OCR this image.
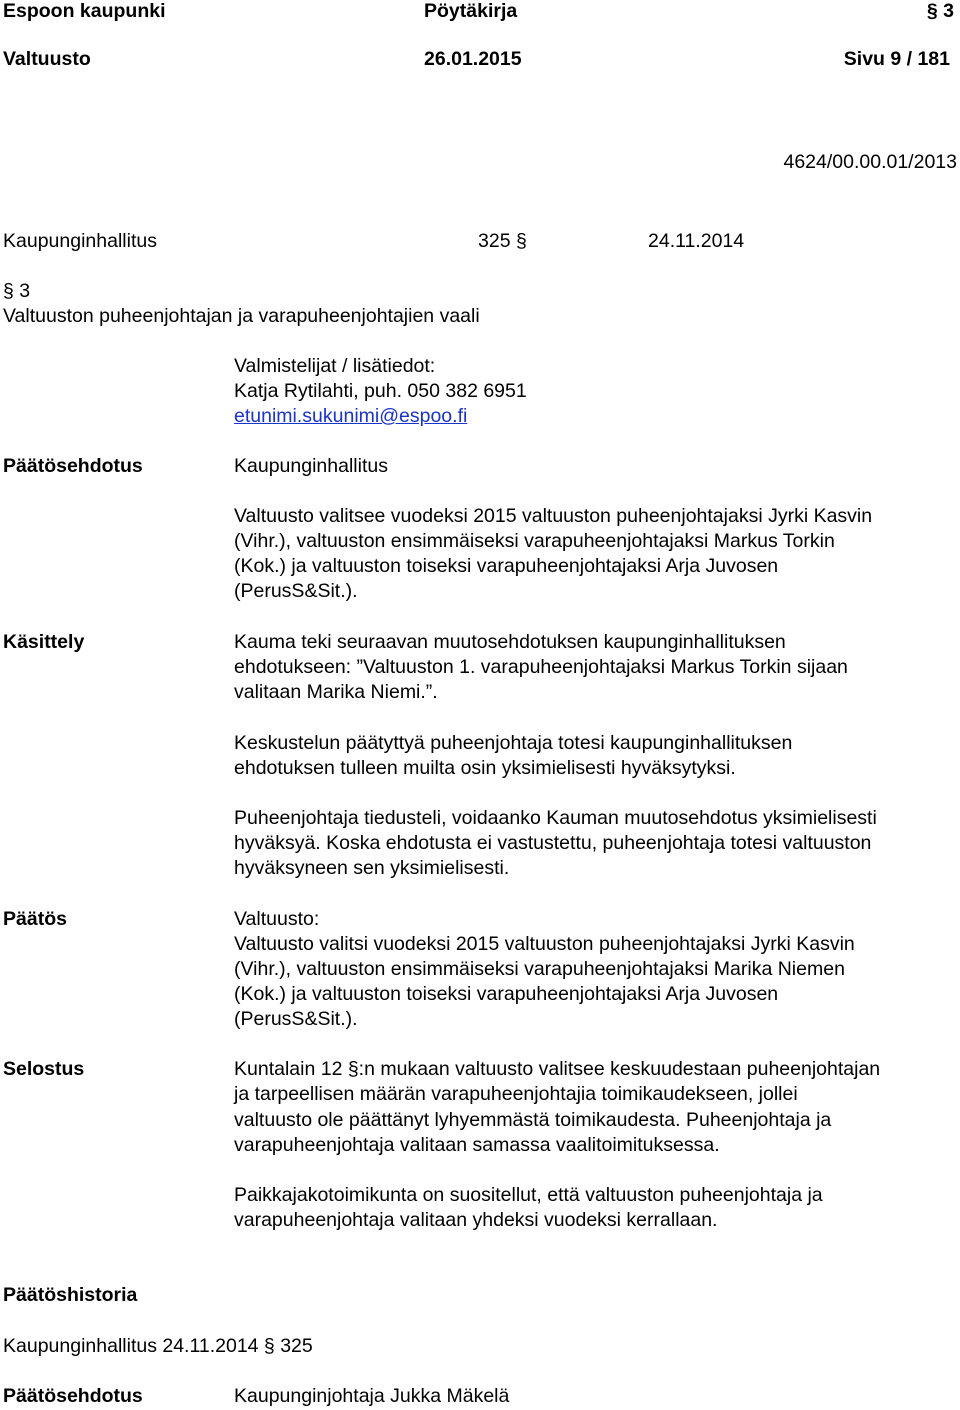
Espoon kaupunki	Pöytäkirja	§ 3
Valtuusto	26.01.2015	Sivu 9 / 181
4624/00.00.01/2013
Kaupunginhallitus	325 §	24.11.2014
§ 3
Valtuuston puheenjohtajan ja varapuheenjohtajien vaali
Valmistelijat / lisätiedot:
Katja Rytilahti, puh. 050 382 6951
etunimi.sukunimi@espoo.fi
Päätösehdotus	Kaupunginhallitus
Valtuusto valitsee vuodeksi 2015 valtuuston puheenjohtajaksi Jyrki Kasvin
(Vihr.), valtuuston ensimmäiseksi varapuheenjohtajaksi Markus Torkin
(Kok.) ja valtuuston toiseksi varapuheenjohtajaksi Arja Juvosen
(PerusS&Sit.).
Käsittely	Kauma teki seuraavan muutosehdotuksen kaupunginhallituksen
ehdotukseen: ”Valtuuston 1. varapuheenjohtajaksi Markus Torkin sijaan
valitaan Marika Niemi.”.
Keskustelun päätyttyä puheenjohtaja totesi kaupunginhallituksen
ehdotuksen tulleen muilta osin yksimielisesti hyväksytyksi.
Puheenjohtaja tiedusteli, voidaanko Kauman muutosehdotus yksimielisesti
hyväksyä. Koska ehdotusta ei vastustettu, puheenjohtaja totesi valtuuston
hyväksyneen sen yksimielisesti.
Päätös	Valtuusto:
Valtuusto valitsi vuodeksi 2015 valtuuston puheenjohtajaksi Jyrki Kasvin
(Vihr.), valtuuston ensimmäiseksi varapuheenjohtajaksi Marika Niemen
(Kok.) ja valtuuston toiseksi varapuheenjohtajaksi Arja Juvosen
(PerusS&Sit.).
Selostus	Kuntalain 12 §:n mukaan valtuusto valitsee keskuudestaan puheenjohtajan
ja tarpeellisen määrän varapuheenjohtajia toimikaudekseen, jollei
valtuusto ole päättänyt lyhyemmästä toimikaudesta. Puheenjohtaja ja
varapuheenjohtaja valitaan samassa vaalitoimituksessa.
Paikkajakotoimikunta on suositellut, että valtuuston puheenjohtaja ja
varapuheenjohtaja valitaan yhdeksi vuodeksi kerrallaan.
Päätöshistoria
Kaupunginhallitus 24.11.2014 § 325
Päätösehdotus	Kaupunginjohtaja Jukka Mäkelä
